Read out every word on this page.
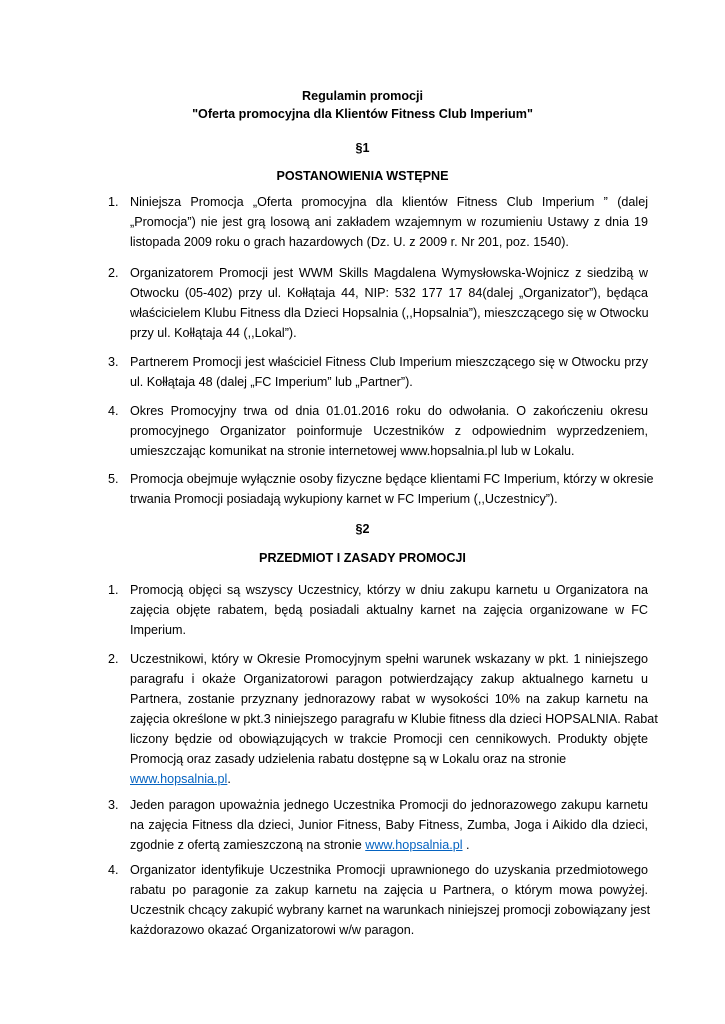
Regulamin promocji
"Oferta promocyjna dla Klientów Fitness Club Imperium"
§1
POSTANOWIENIA WSTĘPNE
1. Niniejsza Promocja „Oferta promocyjna dla klientów Fitness Club Imperium ” (dalej
„Promocja”) nie jest grą losową ani zakładem wzajemnym w rozumieniu Ustawy z dnia 19
listopada 2009 roku o grach hazardowych (Dz. U. z 2009 r. Nr 201, poz. 1540).
2. Organizatorem Promocji jest WWM Skills Magdalena Wymysłowska-Wojnicz z siedzibą w
Otwocku (05-402) przy ul. Kołłątaja 44, NIP: 532 177 17 84(dalej „Organizator”), będąca
właścicielem Klubu Fitness dla Dzieci Hopsalnia (,,Hopsalnia”), mieszczącego się w Otwocku
przy ul. Kołłątaja 44 (,,Lokal”).
3. Partnerem Promocji jest właściciel Fitness Club Imperium mieszczącego się w Otwocku przy
ul. Kołłątaja 48 (dalej „FC Imperium” lub „Partner”).
4. Okres Promocyjny trwa od dnia 01.01.2016 roku do odwołania. O zakończeniu okresu
promocyjnego Organizator poinformuje Uczestników z odpowiednim wyprzedzeniem,
umieszczając komunikat na stronie internetowej www.hopsalnia.pl lub w Lokalu.
5. Promocja obejmuje wyłącznie osoby fizyczne będące klientami FC Imperium, którzy w okresie
trwania Promocji posiadają wykupiony karnet w FC Imperium (,,Uczestnicy”).
§2
PRZEDMIOT I ZASADY PROMOCJI
1. Promocją objęci są wszyscy Uczestnicy, którzy w dniu zakupu karnetu u Organizatora na
zajęcia objęte rabatem, będą posiadali aktualny karnet na zajęcia organizowane w FC
Imperium.
2. Uczestnikowi, który w Okresie Promocyjnym spełni warunek wskazany w pkt. 1 niniejszego
paragrafu i okaże Organizatorowi paragon potwierdzający zakup aktualnego karnetu u
Partnera, zostanie przyznany jednorazowy rabat w wysokości 10% na zakup karnetu na
zajęcia określone w pkt.3 niniejszego paragrafu w Klubie fitness dla dzieci HOPSALNIA. Rabat
liczony będzie od obowiązujących w trakcie Promocji cen cennikowych. Produkty objęte
Promocją oraz zasady udzielenia rabatu dostępne są w Lokalu oraz na stronie
www.hopsalnia.pl.
3. Jeden paragon upoważnia jednego Uczestnika Promocji do jednorazowego zakupu karnetu
na zajęcia Fitness dla dzieci, Junior Fitness, Baby Fitness, Zumba, Joga i Aikido dla dzieci,
zgodnie z ofertą zamieszczoną na stronie www.hopsalnia.pl .
4. Organizator identyfikuje Uczestnika Promocji uprawnionego do uzyskania przedmiotowego
rabatu po paragonie za zakup karnetu na zajęcia u Partnera, o którym mowa powyżej.
Uczestnik chcący zakupić wybrany karnet na warunkach niniejszej promocji zobowiązany jest
każdorazowo okazać Organizatorowi w/w paragon.
